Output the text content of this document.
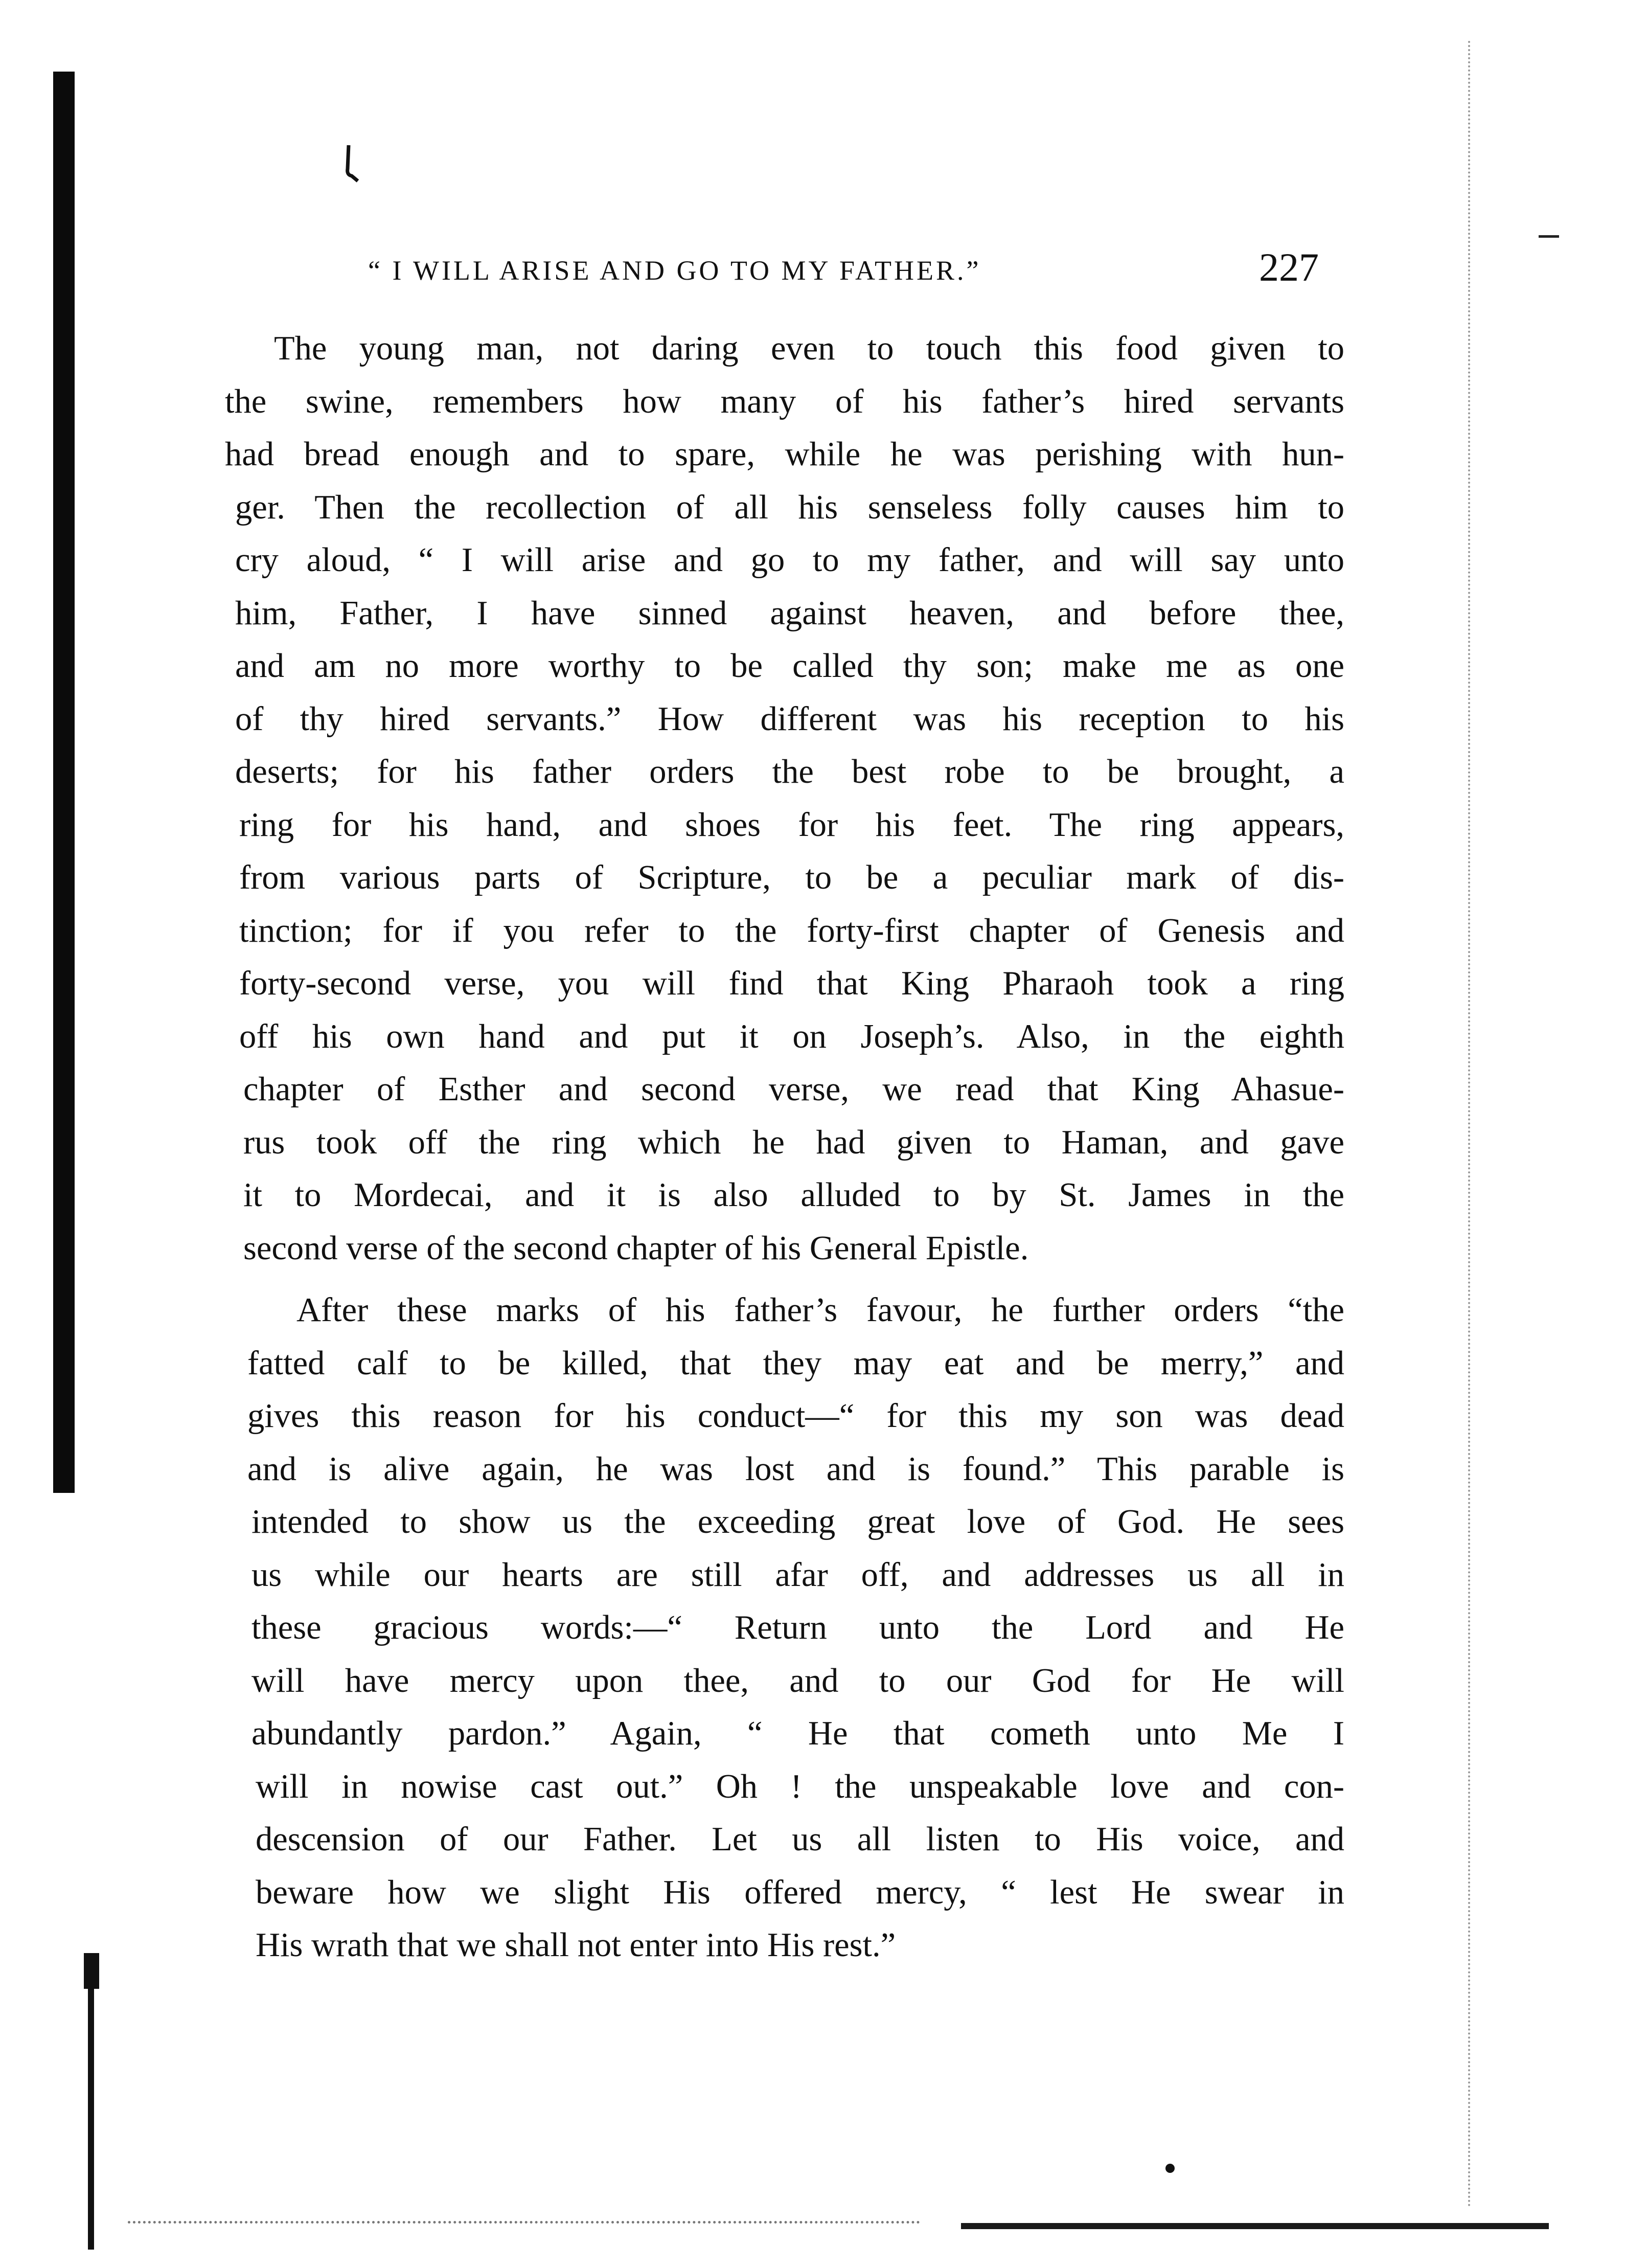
“ I WILL ARISE AND GO TO MY FATHER.”	227
The young man, not daring even to touch this food given to
the swine, remembers how many of his father’s hired servants
had bread enough and to spare, while he was perishing with hun-
ger. Then the recollection of all his senseless folly causes him to
cry aloud, “ I will arise and go to my father, and will say unto
him, Father, I have sinned against heaven, and before thee,
and am no more worthy to be called thy son; make me as one
of thy hired servants.” How different was his reception to his
deserts; for his father orders the best robe to be brought, a
ring for his hand, and shoes for his feet. The ring appears,
from various parts of Scripture, to be a peculiar mark of dis-
tinction; for if you refer to the forty-first chapter of Genesis and
forty-second verse, you will find that King Pharaoh took a ring
off his own hand and put it on Joseph’s. Also, in the eighth
chapter of Esther and second verse, we read that King Ahasue-
rus took off the ring which he had given to Haman, and gave
it to Mordecai, and it is also alluded to by St. James in the
second verse of the second chapter of his General Epistle.
After these marks of his father’s favour, he further orders “the
fatted calf to be killed, that they may eat and be merry,” and
gives this reason for his conduct—“ for this my son was dead
and is alive again, he was lost and is found.” This parable is
intended to show us the exceeding great love of God. He sees
us while our hearts are still afar off, and addresses us all in
these gracious words:—“ Return unto the Lord and He
will have mercy upon thee, and to our God for He will
abundantly pardon.” Again, “ He that cometh unto Me I
will in nowise cast out.” Oh ! the unspeakable love and con-
descension of our Father. Let us all listen to His voice, and
beware how we slight His offered mercy, “ lest He swear in
His wrath that we shall not enter into His rest.”
